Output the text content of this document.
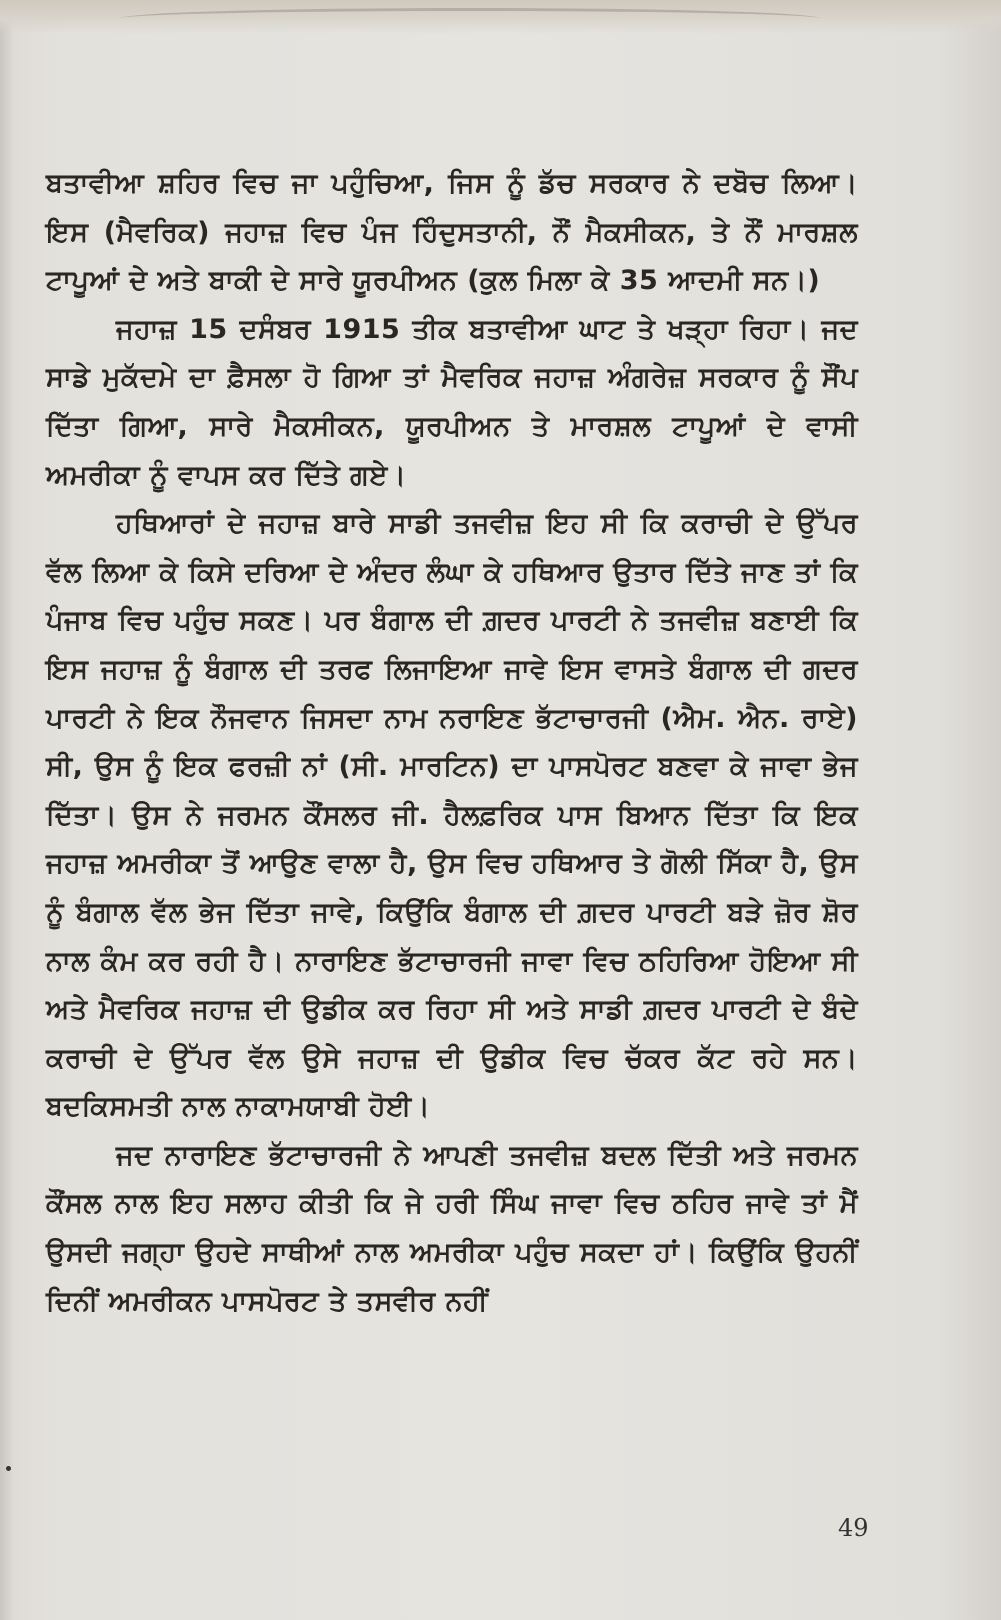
ਬਤਾਵੀਆ ਸ਼ਹਿਰ ਵਿਚ ਜਾ ਪਹੁੰਚਿਆ, ਜਿਸ ਨੂੰ ਡੱਚ ਸਰਕਾਰ ਨੇ ਦਬੋਚ ਲਿਆ। ਇਸ (ਮੈਵਰਿਕ) ਜਹਾਜ਼ ਵਿਚ ਪੰਜ ਹਿੰਦੁਸਤਾਨੀ, ਨੌਂ ਮੈਕਸੀਕਨ, ਤੇ ਨੌਂ ਮਾਰਸ਼ਲ ਟਾਪੂਆਂ ਦੇ ਅਤੇ ਬਾਕੀ ਦੇ ਸਾਰੇ ਯੂਰਪੀਅਨ (ਕੁਲ ਮਿਲਾ ਕੇ 35 ਆਦਮੀ ਸਨ।)

ਜਹਾਜ਼ 15 ਦਸੰਬਰ 1915 ਤੀਕ ਬਤਾਵੀਆ ਘਾਟ ਤੇ ਖੜ੍ਹਾ ਰਿਹਾ। ਜਦ ਸਾਡੇ ਮੁਕੱਦਮੇ ਦਾ ਫ਼ੈਸਲਾ ਹੋ ਗਿਆ ਤਾਂ ਮੈਵਰਿਕ ਜਹਾਜ਼ ਅੰਗਰੇਜ਼ ਸਰਕਾਰ ਨੂੰ ਸੌਂਪ ਦਿੱਤਾ ਗਿਆ, ਸਾਰੇ ਮੈਕਸੀਕਨ, ਯੂਰਪੀਅਨ ਤੇ ਮਾਰਸ਼ਲ ਟਾਪੂਆਂ ਦੇ ਵਾਸੀ ਅਮਰੀਕਾ ਨੂੰ ਵਾਪਸ ਕਰ ਦਿੱਤੇ ਗਏ।

ਹਥਿਆਰਾਂ ਦੇ ਜਹਾਜ਼ ਬਾਰੇ ਸਾਡੀ ਤਜਵੀਜ਼ ਇਹ ਸੀ ਕਿ ਕਰਾਚੀ ਦੇ ਉੱਪਰ ਵੱਲ ਲਿਆ ਕੇ ਕਿਸੇ ਦਰਿਆ ਦੇ ਅੰਦਰ ਲੰਘਾ ਕੇ ਹਥਿਆਰ ਉਤਾਰ ਦਿੱਤੇ ਜਾਣ ਤਾਂ ਕਿ ਪੰਜਾਬ ਵਿਚ ਪਹੁੰਚ ਸਕਣ। ਪਰ ਬੰਗਾਲ ਦੀ ਗ਼ਦਰ ਪਾਰਟੀ ਨੇ ਤਜਵੀਜ਼ ਬਣਾਈ ਕਿ ਇਸ ਜਹਾਜ਼ ਨੂੰ ਬੰਗਾਲ ਦੀ ਤਰਫ ਲਿਜਾਇਆ ਜਾਵੇ ਇਸ ਵਾਸਤੇ ਬੰਗਾਲ ਦੀ ਗਦਰ ਪਾਰਟੀ ਨੇ ਇਕ ਨੌਜਵਾਨ ਜਿਸਦਾ ਨਾਮ ਨਰਾਇਣ ਭੱਟਾਚਾਰਜੀ (ਐਮ. ਐਨ. ਰਾਏ) ਸੀ, ਉਸ ਨੂੰ ਇਕ ਫਰਜ਼ੀ ਨਾਂ (ਸੀ. ਮਾਰਟਿਨ) ਦਾ ਪਾਸਪੋਰਟ ਬਣਵਾ ਕੇ ਜਾਵਾ ਭੇਜ ਦਿੱਤਾ। ਉਸ ਨੇ ਜਰਮਨ ਕੌਂਸਲਰ ਜੀ. ਹੈਲਫ਼ਰਿਕ ਪਾਸ ਬਿਆਨ ਦਿੱਤਾ ਕਿ ਇਕ ਜਹਾਜ਼ ਅਮਰੀਕਾ ਤੋਂ ਆਉਣ ਵਾਲਾ ਹੈ, ਉਸ ਵਿਚ ਹਥਿਆਰ ਤੇ ਗੋਲੀ ਸਿੱਕਾ ਹੈ, ਉਸ ਨੂੰ ਬੰਗਾਲ ਵੱਲ ਭੇਜ ਦਿੱਤਾ ਜਾਵੇ, ਕਿਉਂਕਿ ਬੰਗਾਲ ਦੀ ਗ਼ਦਰ ਪਾਰਟੀ ਬੜੇ ਜ਼ੋਰ ਸ਼ੋਰ ਨਾਲ ਕੰਮ ਕਰ ਰਹੀ ਹੈ। ਨਾਰਾਇਣ ਭੱਟਾਚਾਰਜੀ ਜਾਵਾ ਵਿਚ ਠਹਿਰਿਆ ਹੋਇਆ ਸੀ ਅਤੇ ਮੈਵਰਿਕ ਜਹਾਜ਼ ਦੀ ਉਡੀਕ ਕਰ ਰਿਹਾ ਸੀ ਅਤੇ ਸਾਡੀ ਗ਼ਦਰ ਪਾਰਟੀ ਦੇ ਬੰਦੇ ਕਰਾਚੀ ਦੇ ਉੱਪਰ ਵੱਲ ਉਸੇ ਜਹਾਜ਼ ਦੀ ਉਡੀਕ ਵਿਚ ਚੱਕਰ ਕੱਟ ਰਹੇ ਸਨ। ਬਦਕਿਸਮਤੀ ਨਾਲ ਨਾਕਾਮਯਾਬੀ ਹੋਈ।

ਜਦ ਨਾਰਾਇਣ ਭੱਟਾਚਾਰਜੀ ਨੇ ਆਪਣੀ ਤਜਵੀਜ਼ ਬਦਲ ਦਿੱਤੀ ਅਤੇ ਜਰਮਨ ਕੌਂਸਲ ਨਾਲ ਇਹ ਸਲਾਹ ਕੀਤੀ ਕਿ ਜੇ ਹਰੀ ਸਿੰਘ ਜਾਵਾ ਵਿਚ ਠਹਿਰ ਜਾਵੇ ਤਾਂ ਮੈਂ ਉਸਦੀ ਜਗ੍ਹਾ ਉਹਦੇ ਸਾਥੀਆਂ ਨਾਲ ਅਮਰੀਕਾ ਪਹੁੰਚ ਸਕਦਾ ਹਾਂ। ਕਿਉਂਕਿ ਉਹਨੀਂ ਦਿਨੀਂ ਅਮਰੀਕਨ ਪਾਸਪੋਰਟ ਤੇ ਤਸਵੀਰ ਨਹੀਂ

49
